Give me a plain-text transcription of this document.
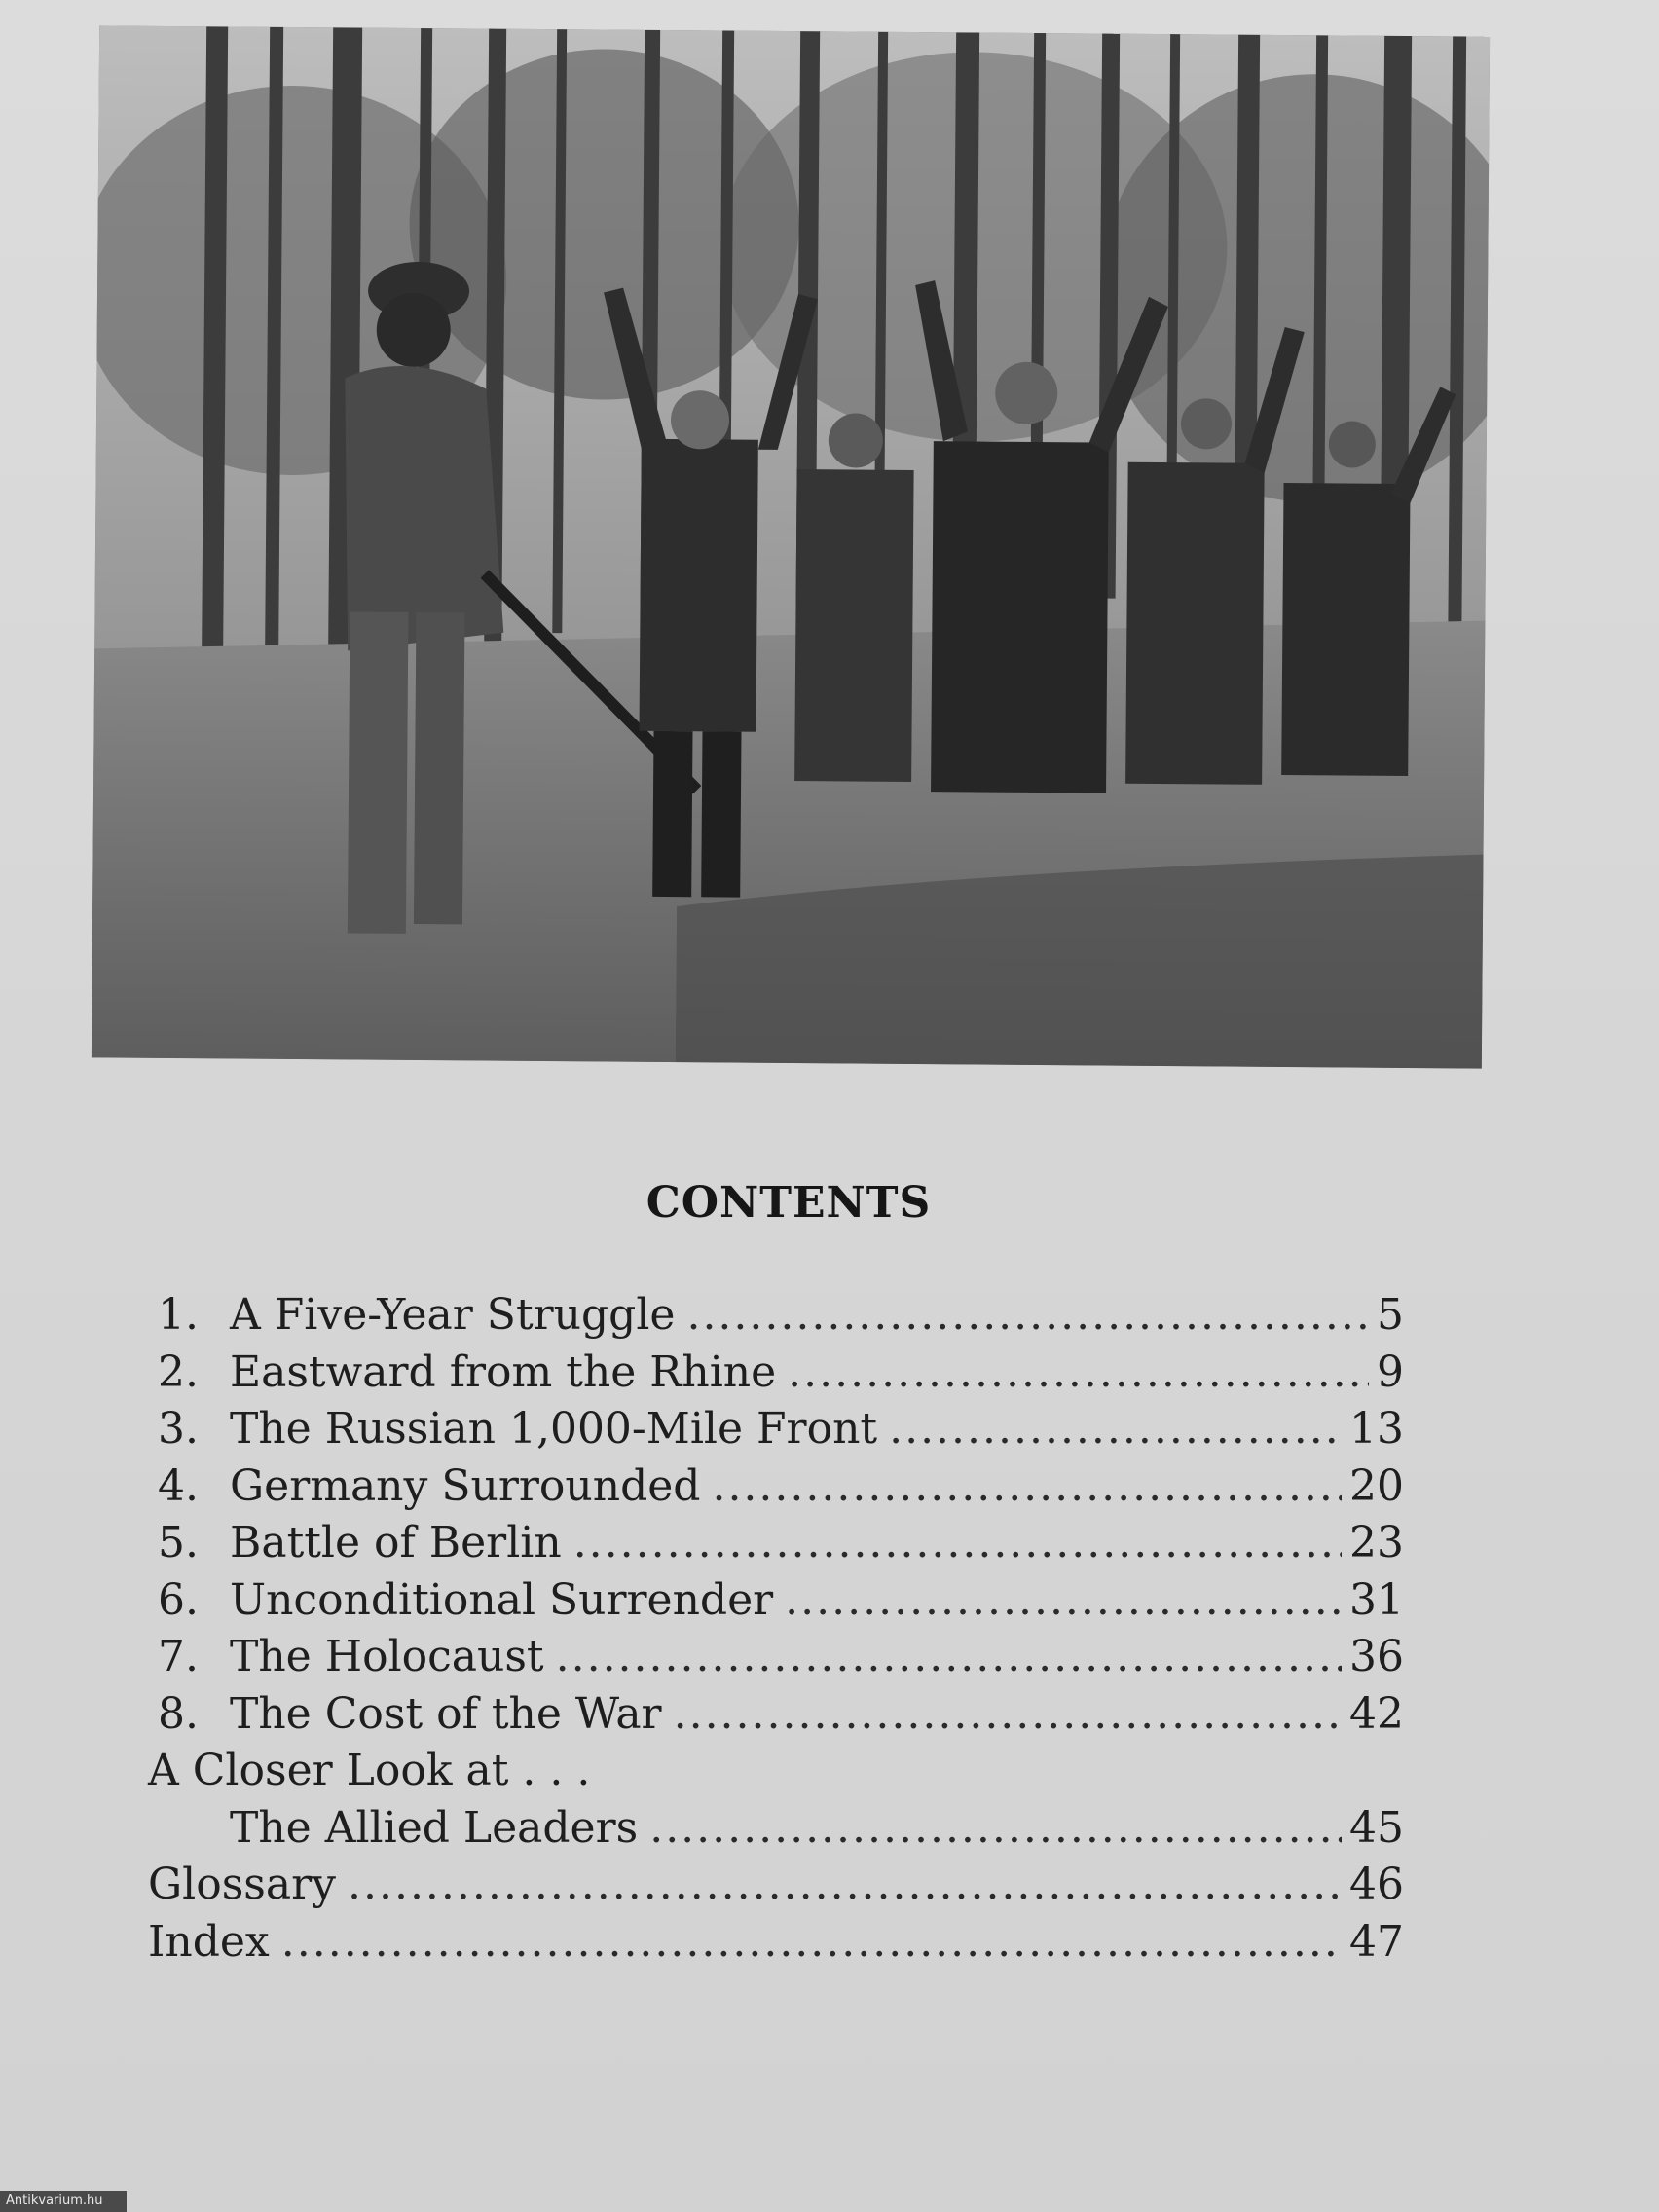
CONTENTS
1. A Five-Year Struggle .....	5
2. Eastward from the Rhine .....	9
3. The Russian 1,000-Mile Front .....	13
4. Germany Surrounded .....	20
5. Battle of Berlin .....	23
6. Unconditional Surrender .....	31
7. The Holocaust .....	36
8. The Cost of the War .....	42
A Closer Look at . . .
The Allied Leaders .....	45
Glossary .....	46
Index .....	47
Antikvarium.hu
